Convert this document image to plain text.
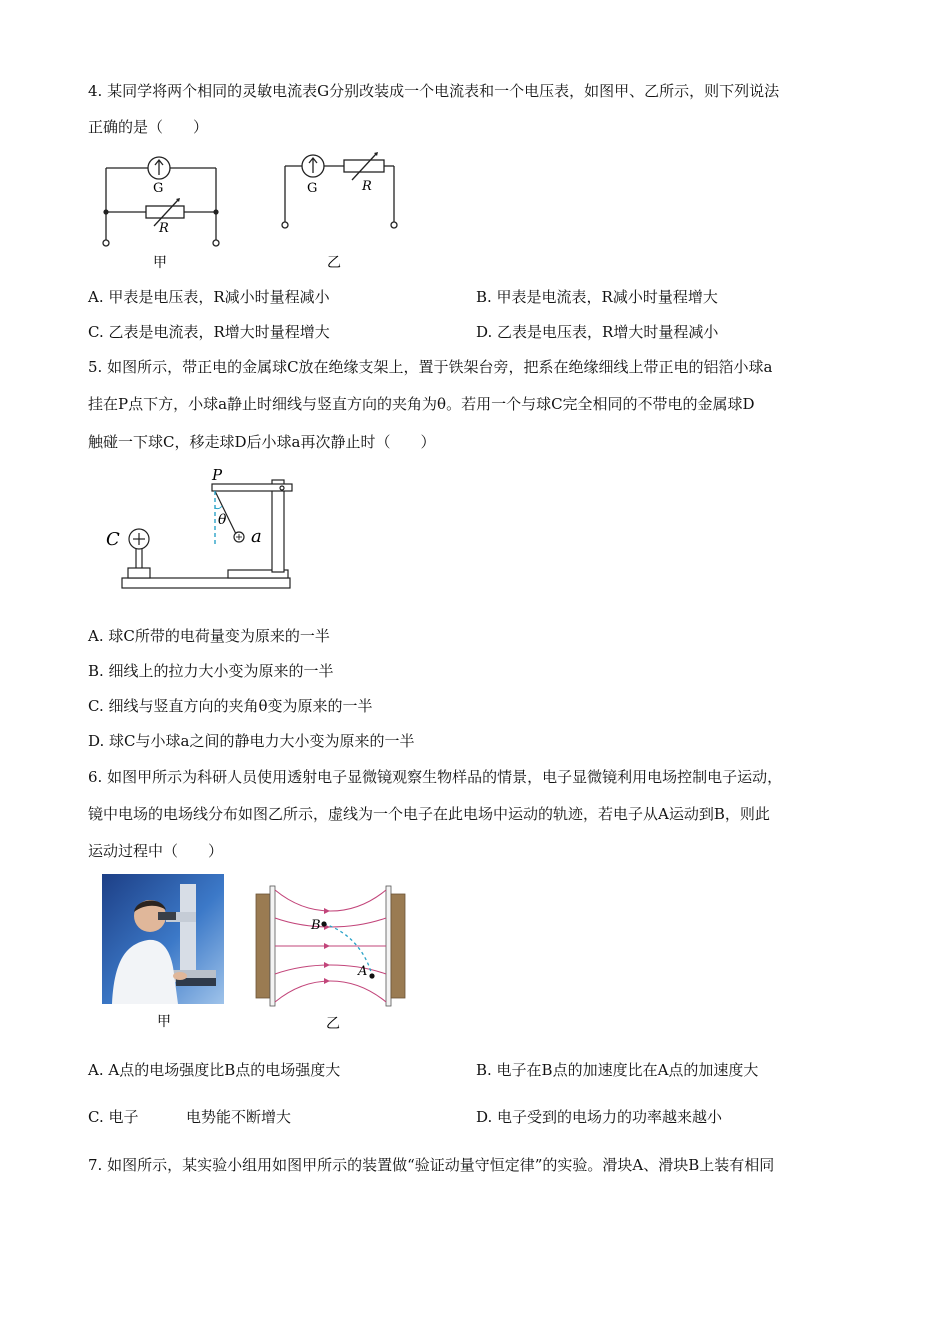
4. 某同学将两个相同的灵敏电流表G分别改装成一个电流表和一个电压表，如图甲、乙所示，则下列说法
正确的是（　　）
G
R
甲
G	R
乙
A. 甲表是电压表，R减小时量程减小	B. 甲表是电流表，R减小时量程增大
C. 乙表是电流表，R增大时量程增大	D. 乙表是电压表，R增大时量程减小
5. 如图所示，带正电的金属球C放在绝缘支架上，置于铁架台旁，把系在绝缘细线上带正电的铝箔小球a
挂在P点下方，小球a静止时细线与竖直方向的夹角为θ。若用一个与球C完全相同的不带电的金属球D
触碰一下球C，移走球D后小球a再次静止时（　　）
P
C
θ
a
A. 球C所带的电荷量变为原来的一半
B. 细线上的拉力大小变为原来的一半
C. 细线与竖直方向的夹角θ变为原来的一半
D. 球C与小球a之间的静电力大小变为原来的一半
6. 如图甲所示为科研人员使用透射电子显微镜观察生物样品的情景，电子显微镜利用电场控制电子运动，
镜中电场的电场线分布如图乙所示，虚线为一个电子在此电场中运动的轨迹，若电子从A运动到B，则此
运动过程中（　　）
甲
B
A
乙
A. A点的电场强度比B点的电场强度大	B. 电子在B点的加速度比在A点的加速度大
C. 电子	电势能不断增大	D. 电子受到的电场力的功率越来越小
7. 如图所示，某实验小组用如图甲所示的装置做“验证动量守恒定律”的实验。滑块A、滑块B上装有相同
